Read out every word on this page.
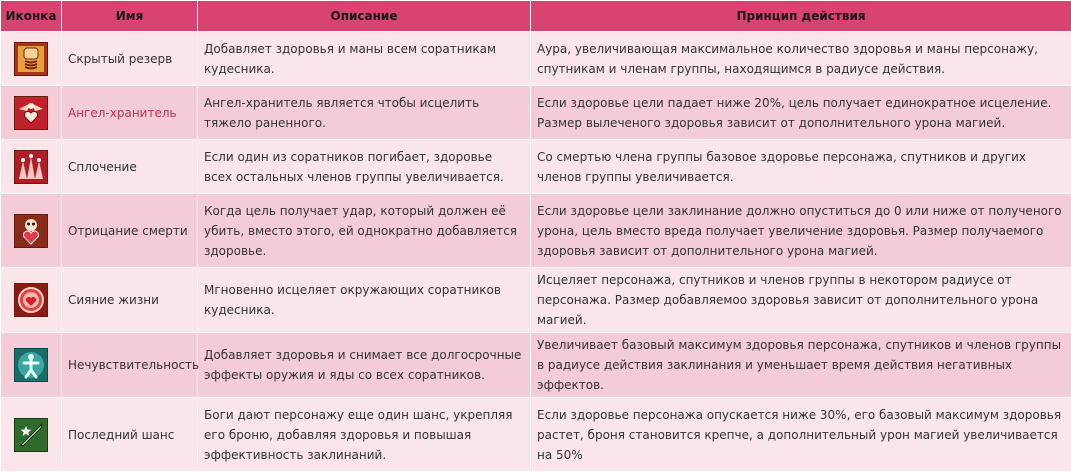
Иконка	Имя	Описание	Принцип действия

	Скрытый резерв	Добавляет здоровья и маны всем соратникам кудесника.	Аура, увеличивающая максимальное количество здоровья и маны персонажу, спутникам и членам группы, находящимся в радиусе действия.

	Ангел-хранитель	Ангел-хранитель является чтобы исцелить тяжело раненного.	Если здоровье цели падает ниже 20%, цель получает единократное исцеление. Размер вылеченого здоровья зависит от дополнительного урона магией.

	Сплочение	Если один из соратников погибает, здоровье всех остальных членов группы увеличивается.	Со смертью члена группы базовое здоровье персонажа, спутников и других членов группы увеличивается.

	Отрицание смерти	Когда цель получает удар, который должен её убить, вместо этого, ей однократно добавляется здоровье.	Если здоровье цели заклинание должно опуститься до 0 или ниже от полученого урона, цель вместо вреда получает увеличение здоровья. Размер получаемого здоровья зависит от дополнительного урона магией.

	Сияние жизни	Мгновенно исцеляет окружающих соратников кудесника.	Исцеляет персонажа, спутников и членов группы в некотором радиусе от персонажа. Размер добавляемоо здоровья зависит от дополнительного урона магией.

	Нечувствительность	Добавляет здоровья и снимает все долгосрочные эффекты оружия и яды со всех соратников.	Увеличивает базовый максимум здоровья персонажа, спутников и членов группы в радиусе действия заклинания и уменьшает время действия негативных эффектов.

	Последний шанс	Боги дают персонажу еще один шанс, укрепляя его броню, добавляя здоровья и повышая эффективность заклинаний.	Если здоровье персонажа опускается ниже 30%, его базовый максимум здоровья растет, броня становится крепче, а дополнительный урон магией увеличивается на 50%
